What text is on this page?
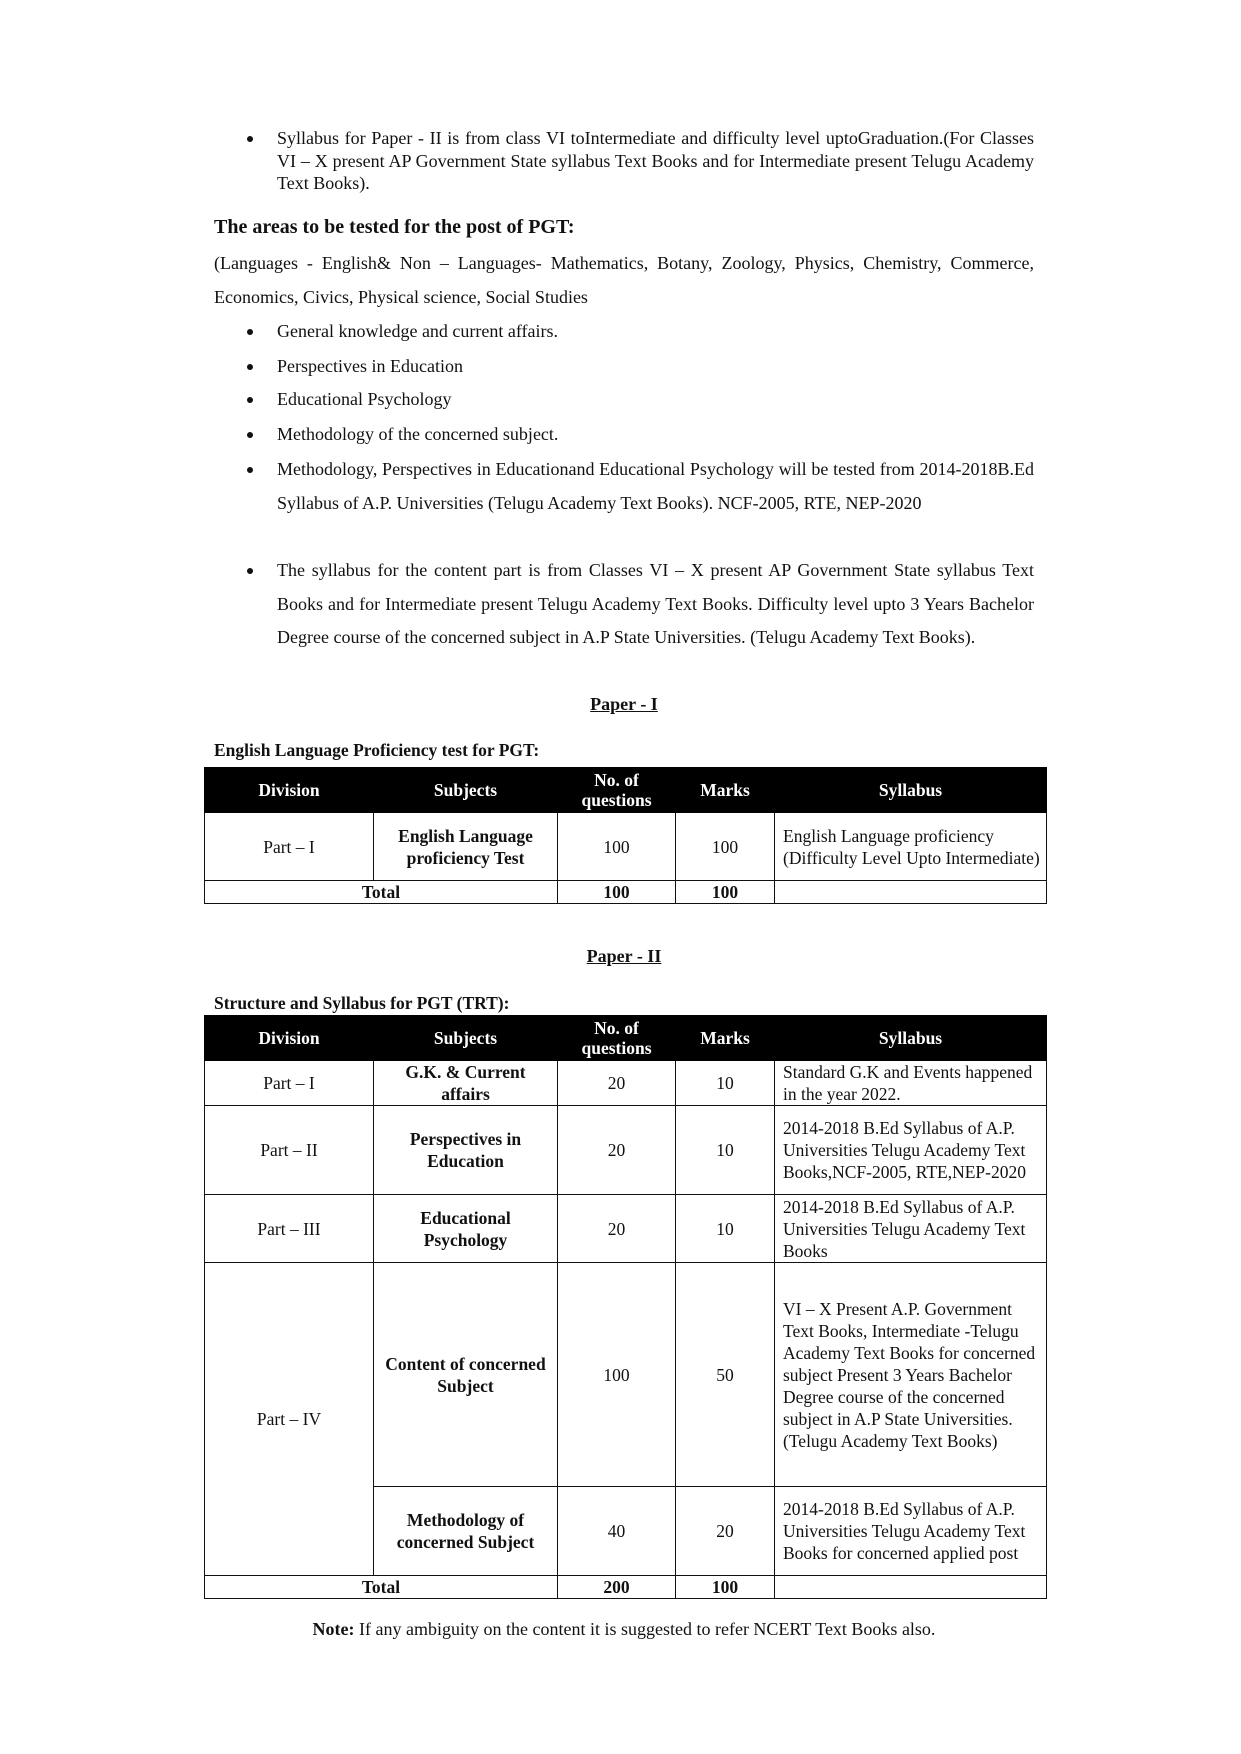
Syllabus for Paper - II is from class VI toIntermediate and difficulty level uptoGraduation.(For Classes VI – X present AP Government State syllabus Text Books and for Intermediate present Telugu Academy Text Books).
The areas to be tested for the post of PGT:
(Languages - English& Non – Languages- Mathematics, Botany, Zoology, Physics, Chemistry, Commerce, Economics, Civics, Physical science, Social Studies
General knowledge and current affairs.
Perspectives in Education
Educational Psychology
Methodology of the concerned subject.
Methodology, Perspectives in Educationand Educational Psychology will be tested from 2014-2018B.Ed Syllabus of A.P. Universities (Telugu Academy Text Books). NCF-2005, RTE, NEP-2020
The syllabus for the content part is from Classes VI – X present AP Government State syllabus Text Books and for Intermediate present Telugu Academy Text Books. Difficulty level upto 3 Years Bachelor Degree course of the concerned subject in A.P State Universities. (Telugu Academy Text Books).
Paper - I
English Language Proficiency test for PGT:
Division	Subjects	No. of questions	Marks	Syllabus
Part – I	English Language proficiency Test	100	100	English Language proficiency (Difficulty Level Upto Intermediate)
Total		100	100	
Paper - II
Structure and Syllabus for PGT (TRT):
Division	Subjects	No. of questions	Marks	Syllabus
Part – I	G.K. & Current affairs	20	10	Standard G.K and Events happened in the year 2022.
Part – II	Perspectives in Education	20	10	2014-2018 B.Ed Syllabus of A.P. Universities Telugu Academy Text Books,NCF-2005, RTE,NEP-2020
Part – III	Educational Psychology	20	10	2014-2018 B.Ed Syllabus of A.P. Universities Telugu Academy Text Books
Part – IV	Content of concerned Subject	100	50	VI – X Present A.P. Government Text Books, Intermediate -Telugu Academy Text Books for concerned subject Present 3 Years Bachelor Degree course of the concerned subject in A.P State Universities. (Telugu Academy Text Books)
	Methodology of concerned Subject	40	20	2014-2018 B.Ed Syllabus of A.P. Universities Telugu Academy Text Books for concerned applied post
Total		200	100	
Note: If any ambiguity on the content it is suggested to refer NCERT Text Books also.
